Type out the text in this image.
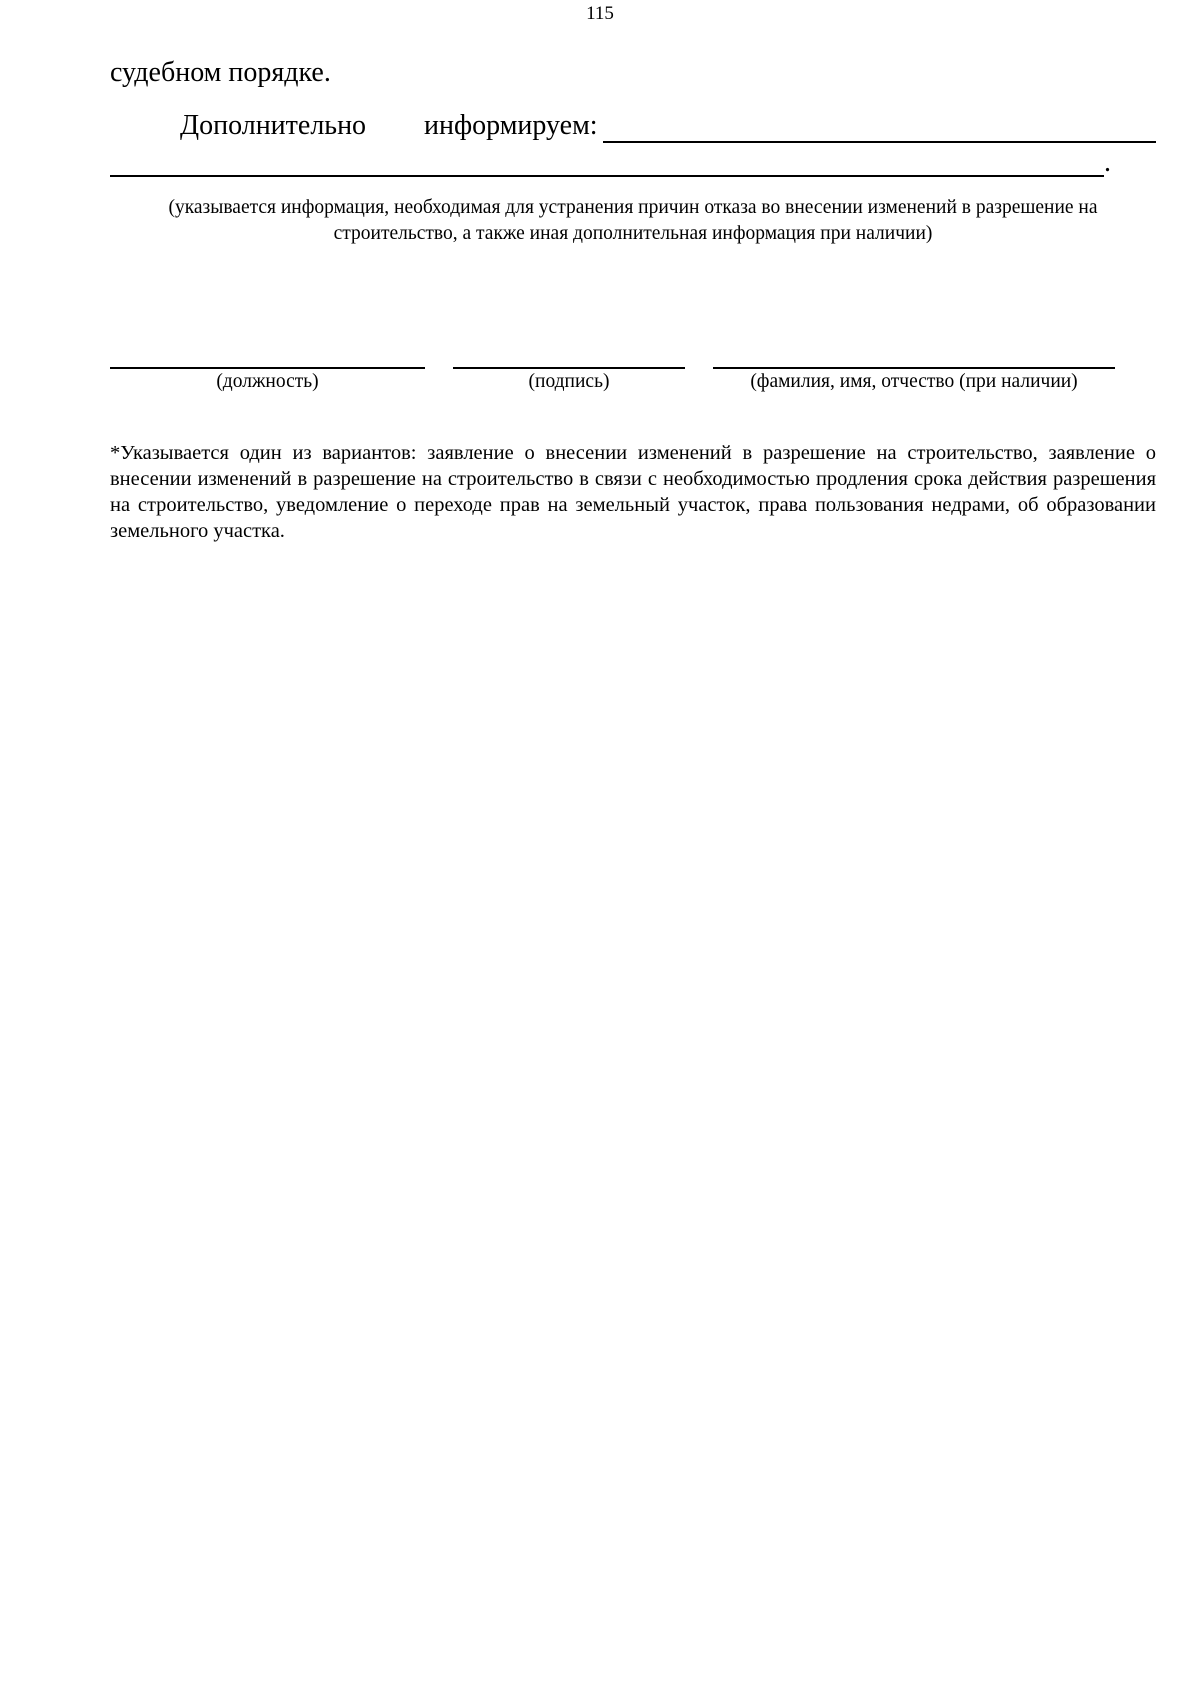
115
судебном порядке.
Дополнительно информируем:
.
(указывается информация, необходимая для устранения причин отказа во внесении изменений в разрешение на строительство, а также иная дополнительная информация при наличии)
(должность)	(подпись)	(фамилия, имя, отчество (при наличии)
*Указывается один из вариантов: заявление о внесении изменений в разрешение на строительство, заявление о внесении изменений в разрешение на строительство в связи с необходимостью продления срока действия разрешения на строительство, уведомление о переходе прав на земельный участок, права пользования недрами, об образовании земельного участка.
